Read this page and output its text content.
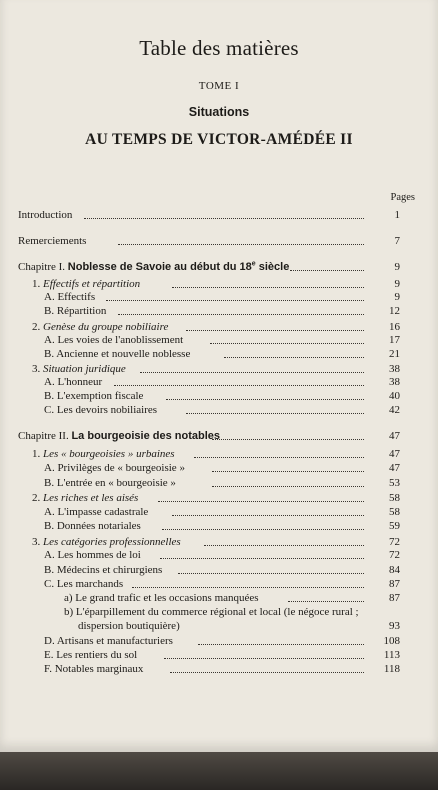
Table des matières
TOME I
Situations
AU TEMPS DE VICTOR-AMÉDÉE II
Pages
Introduction	1
Remerciements	7
Chapitre I. Noblesse de Savoie au début du 18e siècle	9
1. Effectifs et répartition	9
A. Effectifs	9
B. Répartition	12
2. Genèse du groupe nobiliaire	16
A. Les voies de l'anoblissement	17
B. Ancienne et nouvelle noblesse	21
3. Situation juridique	38
A. L'honneur	38
B. L'exemption fiscale	40
C. Les devoirs nobiliaires	42
Chapitre II. La bourgeoisie des notables	47
1. Les « bourgeoisies » urbaines	47
A. Privilèges de « bourgeoisie »	47
B. L'entrée en « bourgeoisie »	53
2. Les riches et les aisés	58
A. L'impasse cadastrale	58
B. Données notariales	59
3. Les catégories professionnelles	72
A. Les hommes de loi	72
B. Médecins et chirurgiens	84
C. Les marchands	87
a) Le grand trafic et les occasions manquées	87
b) L'éparpillement du commerce régional et local (le négoce rural ;
dispersion boutiquière)	93
D. Artisans et manufacturiers	108
E. Les rentiers du sol	113
F. Notables marginaux	118
